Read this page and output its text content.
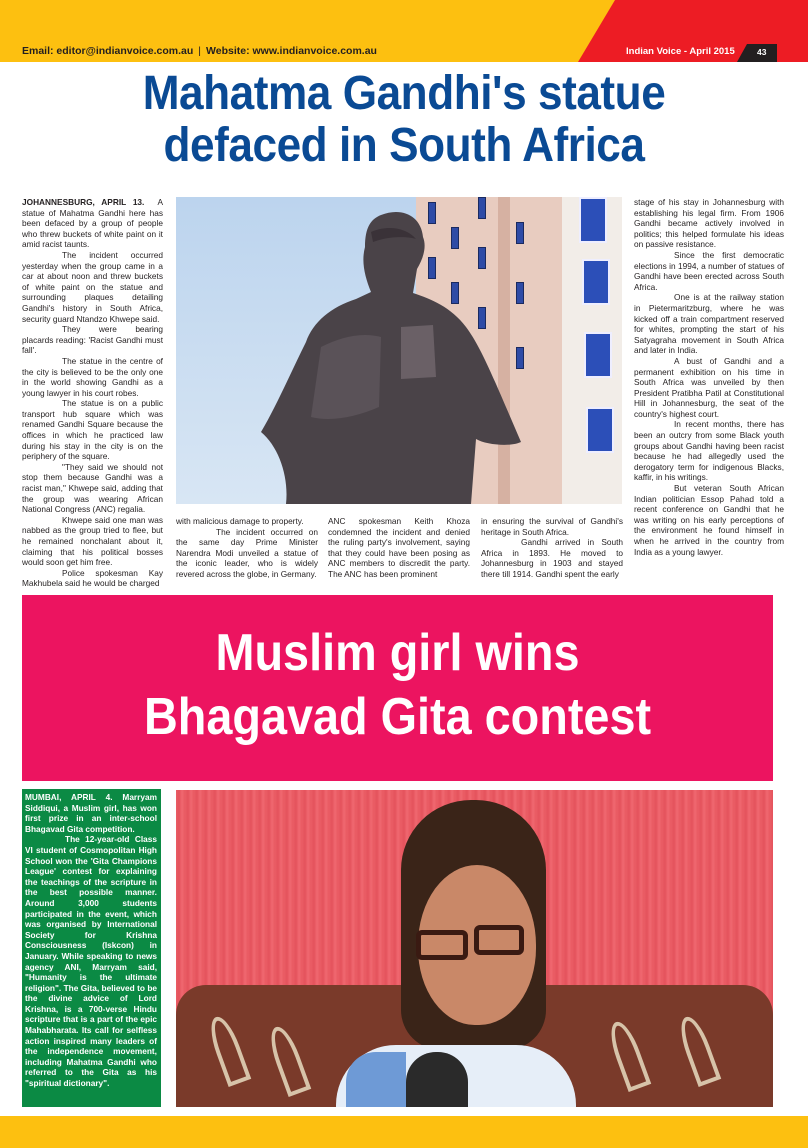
Email: editor@indianvoice.com.au | Website: www.indianvoice.com.au	Indian Voice - April 2015	43
Mahatma Gandhi's statue
defaced in South Africa

JOHANNESBURG, APRIL 13. A statue of Mahatma Gandhi here has been defaced by a group of people who threw buckets of white paint on it amid racist taunts.

The incident occurred yesterday when the group came in a car at about noon and threw buckets of white paint on the statue and surrounding plaques detailing Gandhi's history in South Africa, security guard Ntandzo Khwepe said.

They were bearing placards reading: 'Racist Gandhi must fall'.

The statue in the centre of the city is believed to be the only one in the world showing Gandhi as a young lawyer in his court robes.

The statue is on a public transport hub square which was renamed Gandhi Square because the offices in which he practiced law during his stay in the city is on the periphery of the square.

"They said we should not stop them because Gandhi was a racist man," Khwepe said, adding that the group was wearing African National Congress (ANC) regalia.

Khwepe said one man was nabbed as the group tried to flee, but he remained nonchalant about it, claiming that his political bosses would soon get him free.

Police spokesman Kay Makhubela said he would be charged

with malicious damage to property.

The incident occurred on the same day Prime Minister Narendra Modi unveiled a statue of the iconic leader, who is widely revered across the globe, in Germany.

ANC spokesman Keith Khoza condemned the incident and denied the ruling party's involvement, saying that they could have been posing as ANC members to discredit the party. The ANC has been prominent

in ensuring the survival of Gandhi's heritage in South Africa.

Gandhi arrived in South Africa in 1893. He moved to Johannesburg in 1903 and stayed there till 1914. Gandhi spent the early

stage of his stay in Johannesburg with establishing his legal firm. From 1906 Gandhi became actively involved in politics; this helped formulate his ideas on passive resistance.

Since the first democratic elections in 1994, a number of statues of Gandhi have been erected across South Africa.

One is at the railway station in Pietermaritzburg, where he was kicked off a train compartment reserved for whites, prompting the start of his Satyagraha movement in South Africa and later in India.

A bust of Gandhi and a permanent exhibition on his time in South Africa was unveiled by then President Pratibha Patil at Constitutional Hill in Johannesburg, the seat of the country's highest court.

In recent months, there has been an outcry from some Black youth groups about Gandhi having been racist because he had allegedly used the derogatory term for indigenous Blacks, kaffir, in his writings.

But veteran South African Indian politician Essop Pahad told a recent conference on Gandhi that he was writing on his early perceptions of the environment he found himself in when he arrived in the country from India as a young lawyer.

Muslim girl wins
Bhagavad Gita contest

MUMBAI, APRIL 4. Marryam Siddiqui, a Muslim girl, has won first prize in an inter-school Bhagavad Gita competition.

The 12-year-old Class VI student of Cosmopolitan High School won the 'Gita Champions League' contest for explaining the teachings of the scripture in the best possible manner. Around 3,000 students participated in the event, which was organised by International Society for Krishna Consciousness (Iskcon) in January. While speaking to news agency ANI, Marryam said, "Humanity is the ultimate religion". The Gita, believed to be the divine advice of Lord Krishna, is a 700-verse Hindu scripture that is a part of the epic Mahabharata. Its call for selfless action inspired many leaders of the independence movement, including Mahatma Gandhi who referred to the Gita as his "spiritual dictionary".
